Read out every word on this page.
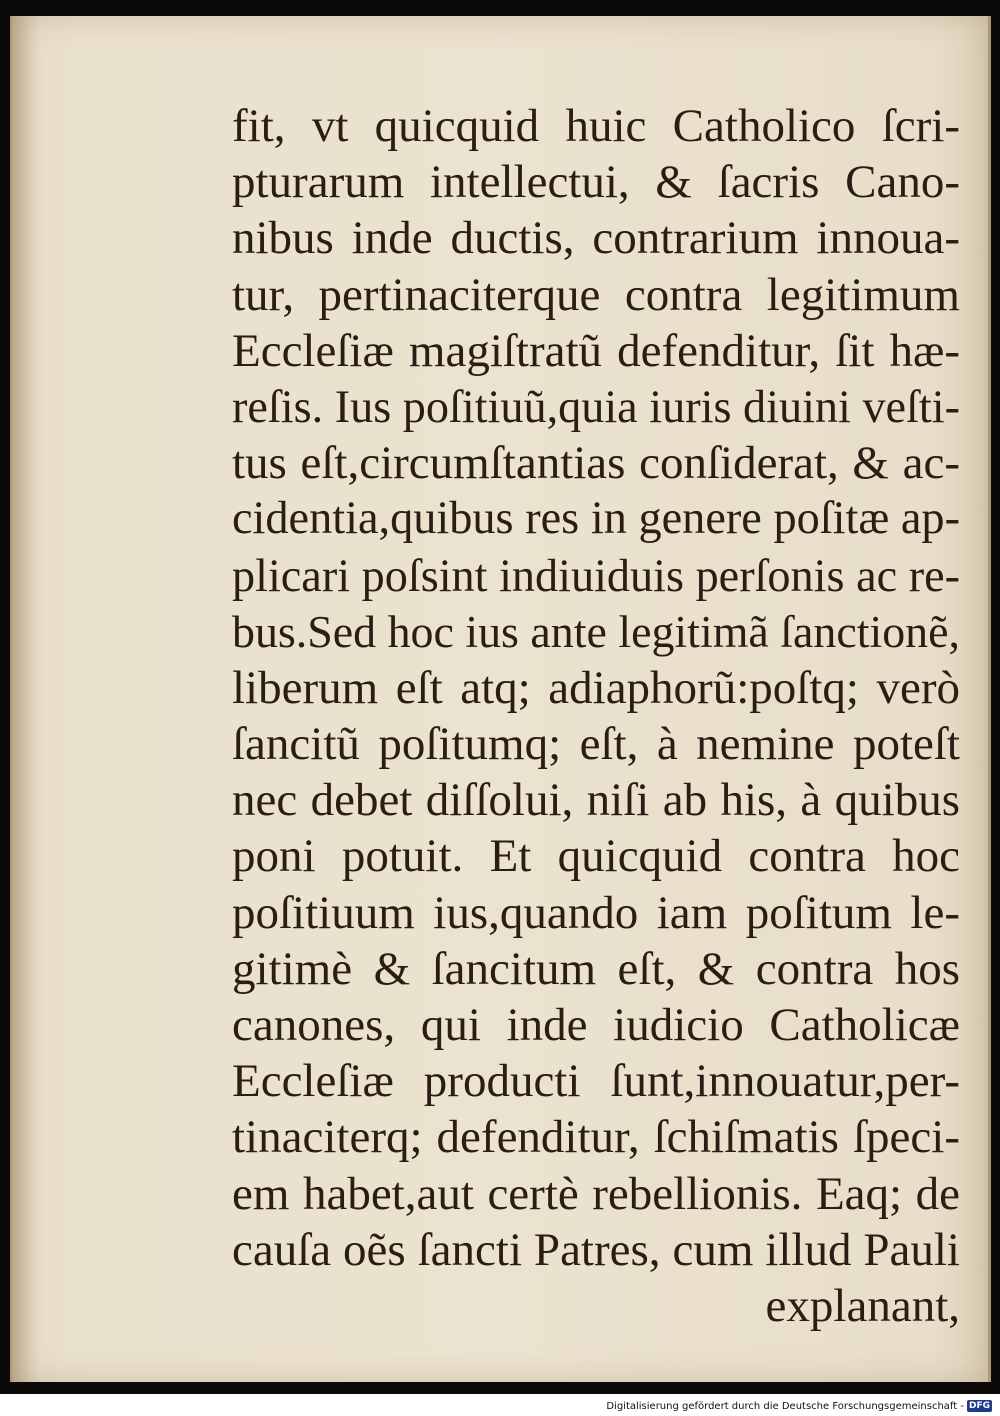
fit, vt quicquid huic Catholico ſcri-
pturarum intellectui, & ſacris Cano-
nibus inde ductis, contrarium innoua-
tur, pertinaciterque contra legitimum
Eccleſiæ magiſtratũ defenditur, ſit hæ-
reſis. Ius poſitiuũ,quia iuris diuini veſti-
tus eſt,circumſtantias conſiderat, & ac-
cidentia,quibus res in genere poſitæ ap-
plicari poſsint indiuiduis perſonis ac re-
bus.Sed hoc ius ante legitimã ſanctionẽ,
liberum eſt atq; adiaphorũ:poſtq; verò
ſancitũ poſitumq; eſt, à nemine poteſt
nec debet diſſolui, niſi ab his, à quibus
poni potuit. Et quicquid contra hoc
poſitiuum ius,quando iam poſitum le-
gitimè & ſancitum eſt, & contra hos
canones, qui inde iudicio Catholicæ
Eccleſiæ producti ſunt,innouatur,per-
tinaciterq; defenditur, ſchiſmatis ſpeci-
em habet,aut certè rebellionis. Eaq; de
cauſa oẽs ſancti Patres, cum illud Pauli
explanant,
Digitalisierung gefördert durch die Deutsche Forschungsgemeinschaft - DFG
